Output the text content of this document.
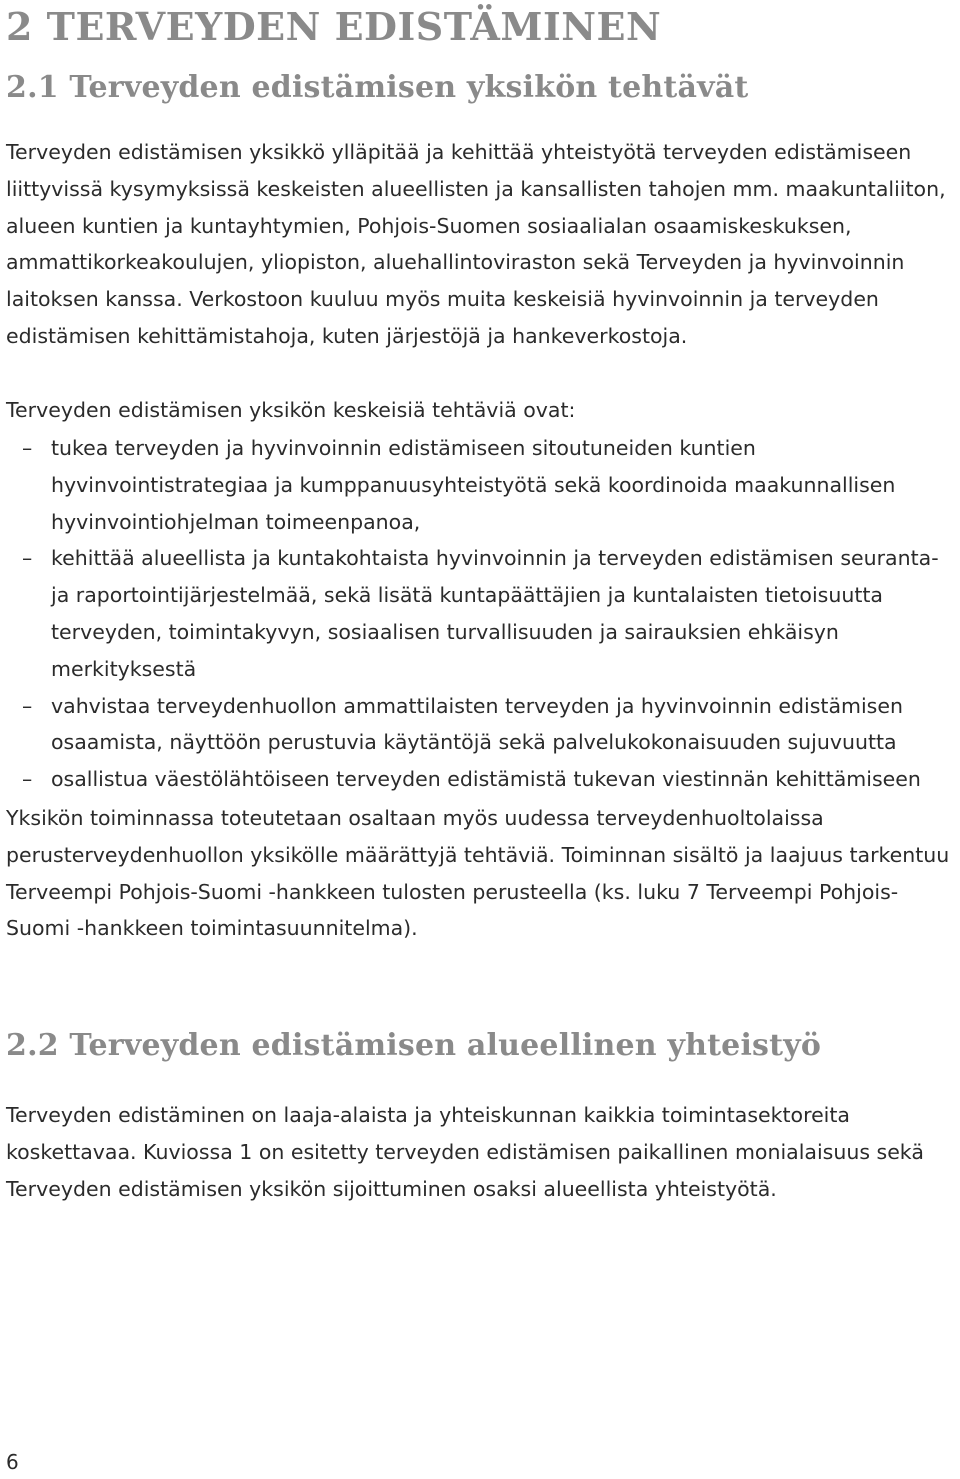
2 TERVEYDEN EDISTÄMINEN
2.1 Terveyden edistämisen yksikön tehtävät

Terveyden edistämisen yksikkö ylläpitää ja kehittää yhteistyötä terveyden edistämiseen liittyvissä kysymyksissä keskeisten alueellisten ja kansallisten tahojen mm. maakuntaliiton, alueen kuntien ja kuntayhtymien, Pohjois-Suomen sosiaalialan osaamiskeskuksen, ammattikorkeakoulujen, yliopiston, aluehallintoviraston sekä Terveyden ja hyvinvoinnin laitoksen kanssa. Verkostoon kuuluu myös muita keskeisiä hyvinvoinnin ja terveyden edistämisen kehittämistahoja, kuten järjestöjä ja hankeverkostoja.

Terveyden edistämisen yksikön keskeisiä tehtäviä ovat:

– tukea terveyden ja hyvinvoinnin edistämiseen sitoutuneiden kuntien hyvinvointistrategiaa ja kumppanuusyhteistyötä sekä koordinoida maakunnallisen hyvinvointiohjelman toimeenpanoa,
– kehittää alueellista ja kuntakohtaista hyvinvoinnin ja terveyden edistämisen seuranta- ja raportointijärjestelmää, sekä lisätä kuntapäättäjien ja kuntalaisten tietoisuutta terveyden, toimintakyvyn, sosiaalisen turvallisuuden ja sairauksien ehkäisyn merkityksestä
– vahvistaa terveydenhuollon ammattilaisten terveyden ja hyvinvoinnin edistämisen osaamista, näyttöön perustuvia käytäntöjä sekä palvelukokonaisuuden sujuvuutta
– osallistua väestölähtöiseen terveyden edistämistä tukevan viestinnän kehittämiseen

Yksikön toiminnassa toteutetaan osaltaan myös uudessa terveydenhuoltolaissa perusterveydenhuollon yksikölle määrättyjä tehtäviä. Toiminnan sisältö ja laajuus tarkentuu Terveempi Pohjois-Suomi -hankkeen tulosten perusteella (ks. luku 7 Terveempi Pohjois-Suomi -hankkeen toimintasuunnitelma).

2.2 Terveyden edistämisen alueellinen yhteistyö

Terveyden edistäminen on laaja-alaista ja yhteiskunnan kaikkia toimintasektoreita koskettavaa. Kuviossa 1 on esitetty terveyden edistämisen paikallinen monialaisuus sekä Terveyden edistämisen yksikön sijoittuminen osaksi alueellista yhteistyötä.

6
